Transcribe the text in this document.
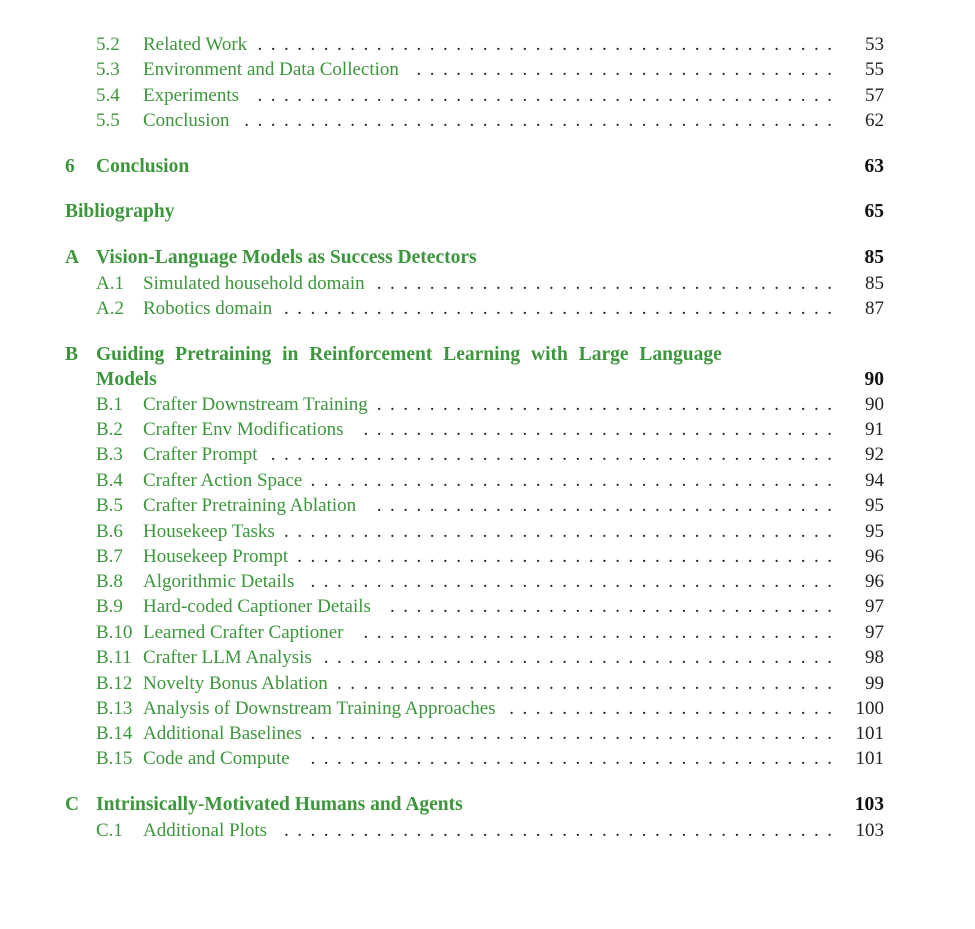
5.2 Related Work ............................................	53
5.3 Environment and Data Collection ................................	55
5.4 Experiments ............................................	57
5.5 Conclusion .............................................	62
6 Conclusion	63
Bibliography	65
A Vision-Language Models as Success Detectors	85
A.1 Simulated household domain ...................................	85
A.2 Robotics domain ..........................................	87
B Guiding Pretraining in Reinforcement Learning with Large Language
Models	90
B.1 Crafter Downstream Training ...................................	90
B.2 Crafter Env Modifications ....................................	91
B.3 Crafter Prompt ...........................................	92
B.4 Crafter Action Space ........................................	94
B.5 Crafter Pretraining Ablation ...................................	95
B.6 Housekeep Tasks ..........................................	95
B.7 Housekeep Prompt .........................................	96
B.8 Algorithmic Details ........................................	96
B.9 Hard-coded Captioner Details ..................................	97
B.10 Learned Crafter Captioner ....................................	97
B.11 Crafter LLM Analysis .......................................	98
B.12 Novelty Bonus Ablation ......................................	99
B.13 Analysis of Downstream Training Approaches ......................... 100
B.14 Additional Baselines ........................................ 101
B.15 Code and Compute ........................................ 101
C Intrinsically-Motivated Humans and Agents	103
C.1 Additional Plots .......................................... 103
